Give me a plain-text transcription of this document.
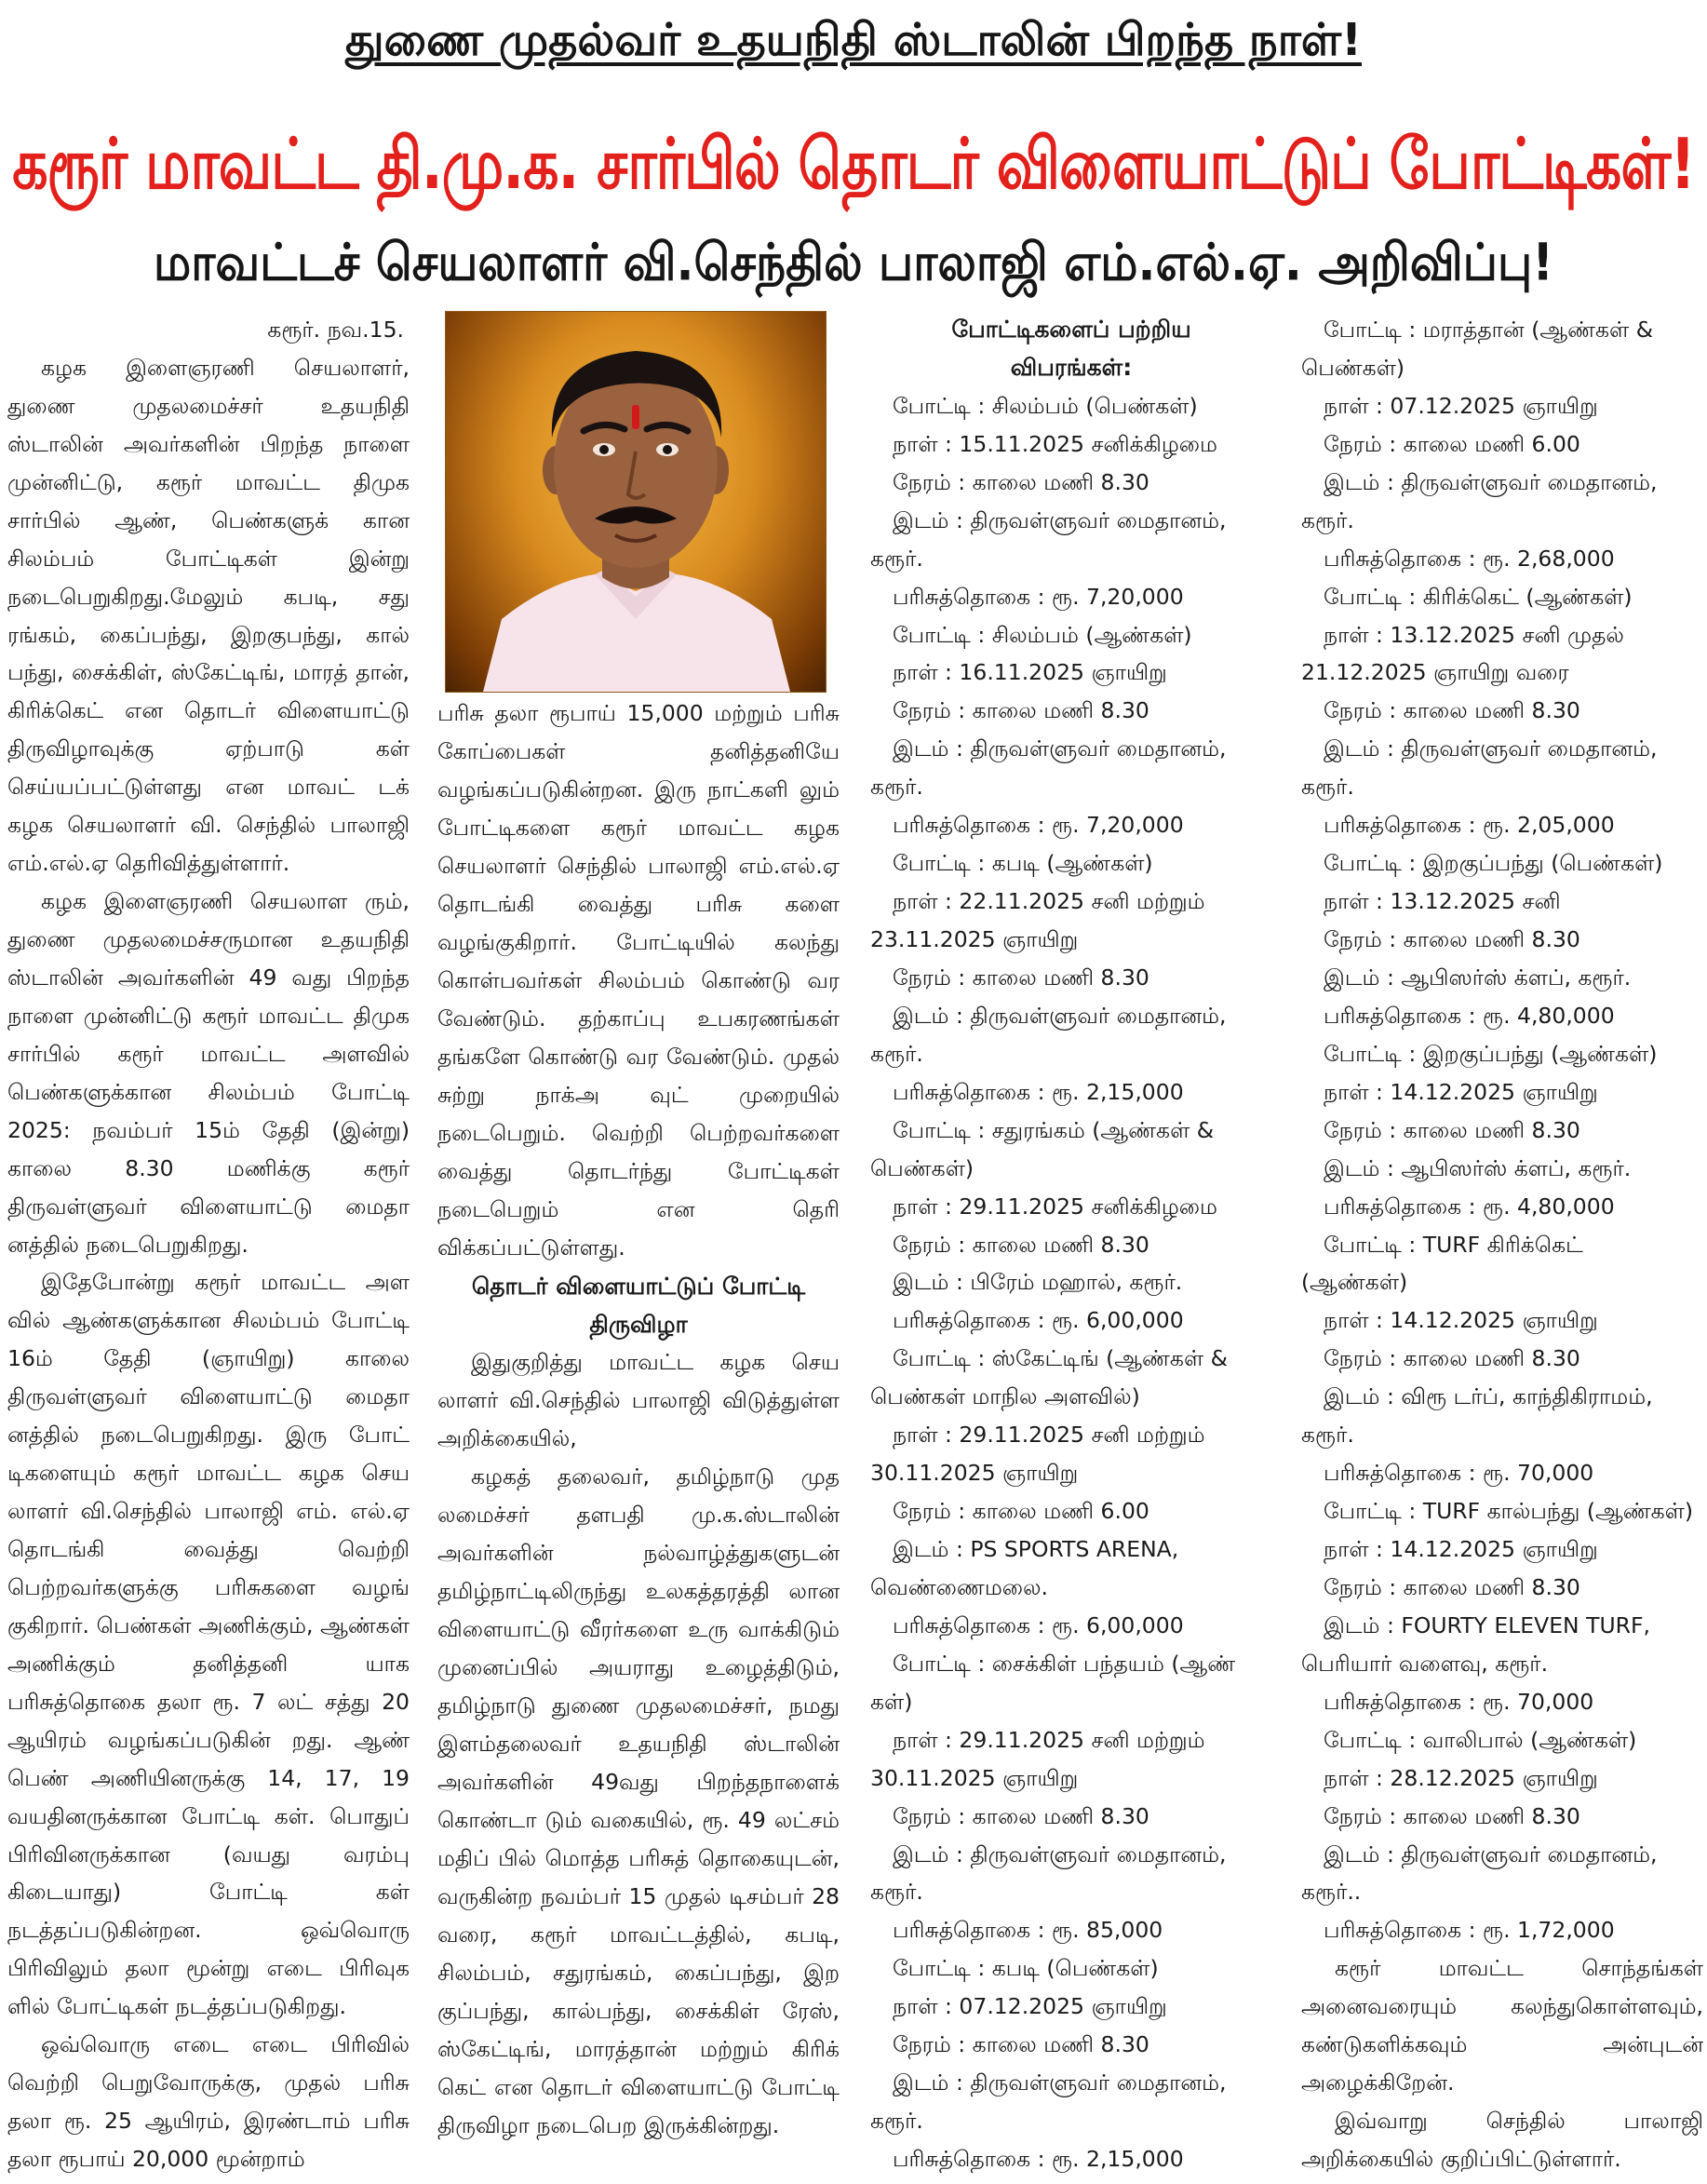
துணை முதல்வர் உதயநிதி ஸ்டாலின் பிறந்த நாள்!
கரூர் மாவட்ட தி.மு.க. சார்பில் தொடர் விளையாட்டுப் போட்டிகள்!
மாவட்டச் செயலாளர் வி.செந்தில் பாலாஜி எம்.எல்.ஏ. அறிவிப்பு!

கரூர். நவ.15.

கழக இளைஞரணி செயலாளர், துணை முதலமைச்சர் உதயநிதி ஸ்டாலின் அவர்களின் பிறந்த நாளை முன்னிட்டு, கரூர் மாவட்ட திமுக சார்பில் ஆண், பெண்களுக் கான சிலம்பம் போட்டிகள் இன்று நடைபெறுகிறது.மேலும் கபடி, சது ரங்கம், கைப்பந்து, இறகுபந்து, கால் பந்து, சைக்கிள், ஸ்கேட்டிங், மாரத் தான், கிரிக்கெட் என தொடர் விளையாட்டு திருவிழாவுக்கு ஏற்பாடு கள் செய்யப்பட்டுள்ளது என மாவட் டக் கழக செயலாளர் வி. செந்தில் பாலாஜி எம்.எல்.ஏ தெரிவித்துள்ளார்.

கழக இளைஞரணி செயலாள ரும், துணை முதலமைச்சருமான உதயநிதி ஸ்டாலின் அவர்களின் 49 வது பிறந்த நாளை முன்னிட்டு கரூர் மாவட்ட திமுக சார்பில் கரூர் மாவட்ட அளவில் பெண்களுக்கான சிலம்பம் போட்டி 2025: நவம்பர் 15ம் தேதி (இன்று) காலை 8.30 மணிக்கு கரூர் திருவள்ளுவர் விளையாட்டு மைதா னத்தில் நடைபெறுகிறது.

இதேபோன்று கரூர் மாவட்ட அள வில் ஆண்களுக்கான சிலம்பம் போட்டி 16ம் தேதி (ஞாயிறு) காலை திருவள்ளுவர் விளையாட்டு மைதா னத்தில் நடைபெறுகிறது. இரு போட் டிகளையும் கரூர் மாவட்ட கழக செய லாளர் வி.செந்தில் பாலாஜி எம். எல்.ஏ தொடங்கி வைத்து வெற்றி பெற்றவர்களுக்கு பரிசுகளை வழங் குகிறார். பெண்கள் அணிக்கும், ஆண்கள் அணிக்கும் தனித்தனி யாக பரிசுத்தொகை தலா ரூ. 7 லட் சத்து 20 ஆயிரம் வழங்கப்படுகின் றது. ஆண் பெண் அணியினருக்கு 14, 17, 19 வயதினருக்கான போட்டி கள். பொதுப் பிரிவினருக்கான (வயது வரம்பு கிடையாது) போட்டி கள் நடத்தப்படுகின்றன. ஒவ்வொரு பிரிவிலும் தலா மூன்று எடை பிரிவுக ளில் போட்டிகள் நடத்தப்படுகிறது.

ஒவ்வொரு எடை எடை பிரிவில் வெற்றி பெறுவோருக்கு, முதல் பரிசு தலா ரூ. 25 ஆயிரம், இரண்டாம் பரிசு தலா ரூபாய் 20,000 மூன்றாம்

பரிசு தலா ரூபாய் 15,000 மற்றும் பரிசு கோப்பைகள் தனித்தனியே வழங்கப்படுகின்றன. இரு நாட்களி லும் போட்டிகளை கரூர் மாவட்ட கழக செயலாளர் செந்தில் பாலாஜி எம்.எல்.ஏ தொடங்கி வைத்து பரிசு களை வழங்குகிறார். போட்டியில் கலந்து கொள்பவர்கள் சிலம்பம் கொண்டு வர வேண்டும். தற்காப்பு உபகரணங்கள் தங்களே கொண்டு வர வேண்டும். முதல் சுற்று நாக்அ வுட் முறையில் நடைபெறும். வெற்றி பெற்றவர்களை வைத்து தொடர்ந்து போட்டிகள் நடைபெறும் என தெரி விக்கப்பட்டுள்ளது.

தொடர் விளையாட்டுப் போட்டி திருவிழா

இதுகுறித்து மாவட்ட கழக செய லாளர் வி.செந்தில் பாலாஜி விடுத்துள்ள அறிக்கையில்,

கழகத் தலைவர், தமிழ்நாடு முத லமைச்சர் தளபதி மு.க.ஸ்டாலின் அவர்களின் நல்வாழ்த்துகளுடன் தமிழ்நாட்டிலிருந்து உலகத்தரத்தி லான விளையாட்டு வீரர்களை உரு வாக்கிடும் முனைப்பில் அயராது உழைத்திடும், தமிழ்நாடு துணை முதலமைச்சர், நமது இளம்தலைவர் உதயநிதி ஸ்டாலின் அவர்களின் 49வது பிறந்தநாளைக் கொண்டா டும் வகையில், ரூ. 49 லட்சம் மதிப் பில் மொத்த பரிசுத் தொகையுடன், வருகின்ற நவம்பர் 15 முதல் டிசம்பர் 28 வரை, கரூர் மாவட்டத்தில், கபடி, சிலம்பம், சதுரங்கம், கைப்பந்து, இற குப்பந்து, கால்பந்து, சைக்கிள் ரேஸ், ஸ்கேட்டிங், மாரத்தான் மற்றும் கிரிக் கெட் என தொடர் விளையாட்டு போட்டி திருவிழா நடைபெற இருக்கின்றது.

போட்டிகளைப் பற்றிய

விபரங்கள்:

போட்டி : சிலம்பம் (பெண்கள்)
நாள் : 15.11.2025 சனிக்கிழமை
நேரம் : காலை மணி 8.30
இடம் : திருவள்ளுவர் மைதானம்,
கரூர்.
பரிசுத்தொகை : ரூ. 7,20,000
போட்டி : சிலம்பம் (ஆண்கள்)
நாள் : 16.11.2025 ஞாயிறு
நேரம் : காலை மணி 8.30
இடம் : திருவள்ளுவர் மைதானம்,
கரூர்.
பரிசுத்தொகை : ரூ. 7,20,000
போட்டி : கபடி (ஆண்கள்)
நாள் : 22.11.2025 சனி மற்றும்
23.11.2025 ஞாயிறு
நேரம் : காலை மணி 8.30
இடம் : திருவள்ளுவர் மைதானம்,
கரூர்.
பரிசுத்தொகை : ரூ. 2,15,000
போட்டி : சதுரங்கம் (ஆண்கள் &
பெண்கள்)
நாள் : 29.11.2025 சனிக்கிழமை
நேரம் : காலை மணி 8.30
இடம் : பிரேம் மஹால், கரூர்.
பரிசுத்தொகை : ரூ. 6,00,000
போட்டி : ஸ்கேட்டிங் (ஆண்கள் &
பெண்கள் மாநில அளவில்)
நாள் : 29.11.2025 சனி மற்றும்
30.11.2025 ஞாயிறு
நேரம் : காலை மணி 6.00
இடம் : PS SPORTS ARENA,
வெண்ணைமலை.
பரிசுத்தொகை : ரூ. 6,00,000
போட்டி : சைக்கிள் பந்தயம் (ஆண்
கள்)
நாள் : 29.11.2025 சனி மற்றும்
30.11.2025 ஞாயிறு
நேரம் : காலை மணி 8.30
இடம் : திருவள்ளுவர் மைதானம்,
கரூர்.
பரிசுத்தொகை : ரூ. 85,000
போட்டி : கபடி (பெண்கள்)
நாள் : 07.12.2025 ஞாயிறு
நேரம் : காலை மணி 8.30
இடம் : திருவள்ளுவர் மைதானம்,
கரூர்.
பரிசுத்தொகை : ரூ. 2,15,000
போட்டி : மராத்தான் (ஆண்கள் &
பெண்கள்)
நாள் : 07.12.2025 ஞாயிறு
நேரம் : காலை மணி 6.00
இடம் : திருவள்ளுவர் மைதானம்,
கரூர்.
பரிசுத்தொகை : ரூ. 2,68,000
போட்டி : கிரிக்கெட் (ஆண்கள்)
நாள் : 13.12.2025 சனி முதல்
21.12.2025 ஞாயிறு வரை
நேரம் : காலை மணி 8.30
இடம் : திருவள்ளுவர் மைதானம்,
கரூர்.
பரிசுத்தொகை : ரூ. 2,05,000
போட்டி : இறகுப்பந்து (பெண்கள்)
நாள் : 13.12.2025 சனி
நேரம் : காலை மணி 8.30
இடம் : ஆபிஸர்ஸ் க்ளப், கரூர்.
பரிசுத்தொகை : ரூ. 4,80,000
போட்டி : இறகுப்பந்து (ஆண்கள்)
நாள் : 14.12.2025 ஞாயிறு
நேரம் : காலை மணி 8.30
இடம் : ஆபிஸர்ஸ் க்ளப், கரூர்.
பரிசுத்தொகை : ரூ. 4,80,000
போட்டி : TURF கிரிக்கெட்
(ஆண்கள்)
நாள் : 14.12.2025 ஞாயிறு
நேரம் : காலை மணி 8.30
இடம் : விரூ டர்ப், காந்திகிராமம்,
கரூர்.
பரிசுத்தொகை : ரூ. 70,000
போட்டி : TURF கால்பந்து (ஆண்கள்)
நாள் : 14.12.2025 ஞாயிறு
நேரம் : காலை மணி 8.30
இடம் : FOURTY ELEVEN TURF,
பெரியார் வளைவு, கரூர்.
பரிசுத்தொகை : ரூ. 70,000
போட்டி : வாலிபால் (ஆண்கள்)
நாள் : 28.12.2025 ஞாயிறு
நேரம் : காலை மணி 8.30
இடம் : திருவள்ளுவர் மைதானம்,
கரூர்..
பரிசுத்தொகை : ரூ. 1,72,000

கரூர் மாவட்ட சொந்தங்கள் அனைவரையும் கலந்துகொள்ளவும், கண்டுகளிக்கவும் அன்புடன் அழைக்கிறேன்.

இவ்வாறு செந்தில் பாலாஜி அறிக்கையில் குறிப்பிட்டுள்ளார்.
